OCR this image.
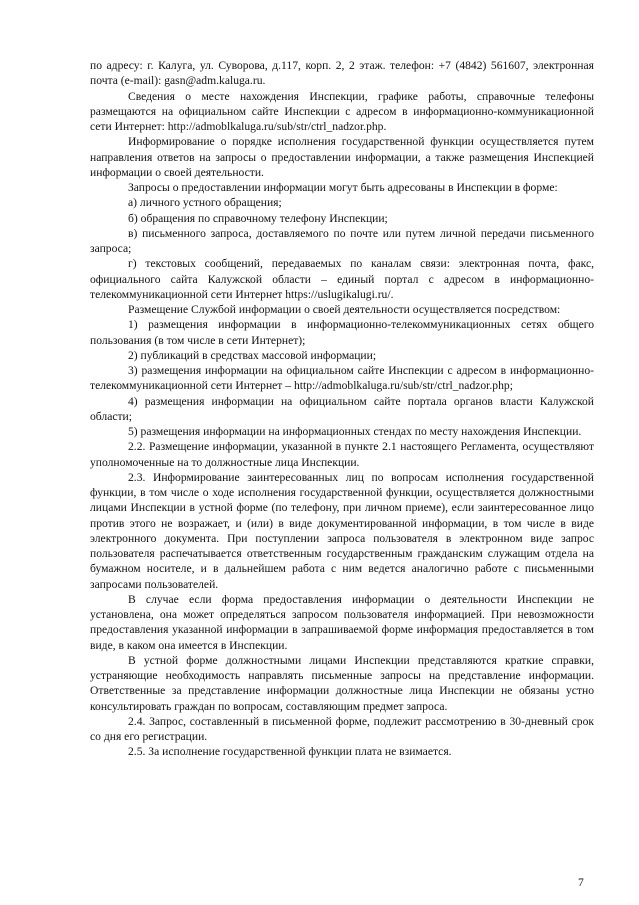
по адресу: г. Калуга, ул. Суворова, д.117, корп. 2, 2 этаж. телефон: +7 (4842) 561607, электронная почта (e-mail): gasn@adm.kaluga.ru.

Сведения о месте нахождения Инспекции, графике работы, справочные телефоны размещаются на официальном сайте Инспекции с адресом в информационно-коммуникационной сети Интернет: http://admoblkaluga.ru/sub/str/ctrl_nadzor.php.

Информирование о порядке исполнения государственной функции осуществляется путем направления ответов на запросы о предоставлении информации, а также размещения Инспекцией информации о своей деятельности.

Запросы о предоставлении информации могут быть адресованы в Инспекции в форме:

а) личного устного обращения;

б) обращения по справочному телефону Инспекции;

в) письменного запроса, доставляемого по почте или путем личной передачи письменного запроса;

г) текстовых сообщений, передаваемых по каналам связи: электронная почта, факс, официального сайта Калужской области – единый портал с адресом в информационно-телекоммуникационной сети Интернет https://uslugikalugi.ru/.

Размещение Службой информации о своей деятельности осуществляется посредством:

1) размещения информации в информационно-телекоммуникационных сетях общего пользования (в том числе в сети Интернет);

2) публикаций в средствах массовой информации;

3) размещения информации на официальном сайте Инспекции с адресом в информационно-телекоммуникационной сети Интернет – http://admoblkaluga.ru/sub/str/ctrl_nadzor.php;

4) размещения информации на официальном сайте портала органов власти Калужской области;

5) размещения информации на информационных стендах по месту нахождения Инспекции.

2.2. Размещение информации, указанной в пункте 2.1 настоящего Регламента, осуществляют уполномоченные на то должностные лица Инспекции.

2.3. Информирование заинтересованных лиц по вопросам исполнения государственной функции, в том числе о ходе исполнения государственной функции, осуществляется должностными лицами Инспекции в устной форме (по телефону, при личном приеме), если заинтересованное лицо против этого не возражает, и (или) в виде документированной информации, в том числе в виде электронного документа. При поступлении запроса пользователя в электронном виде запрос пользователя распечатывается ответственным государственным гражданским служащим отдела на бумажном носителе, и в дальнейшем работа с ним ведется аналогично работе с письменными запросами пользователей.

В случае если форма предоставления информации о деятельности Инспекции не установлена, она может определяться запросом пользователя информацией. При невозможности предоставления указанной информации в запрашиваемой форме информация предоставляется в том виде, в каком она имеется в Инспекции.

В устной форме должностными лицами Инспекции представляются краткие справки, устраняющие необходимость направлять письменные запросы на представление информации. Ответственные за представление информации должностные лица Инспекции не обязаны устно консультировать граждан по вопросам, составляющим предмет запроса.

2.4. Запрос, составленный в письменной форме, подлежит рассмотрению в 30-дневный срок со дня его регистрации.

2.5. За исполнение государственной функции плата не взимается.

7
